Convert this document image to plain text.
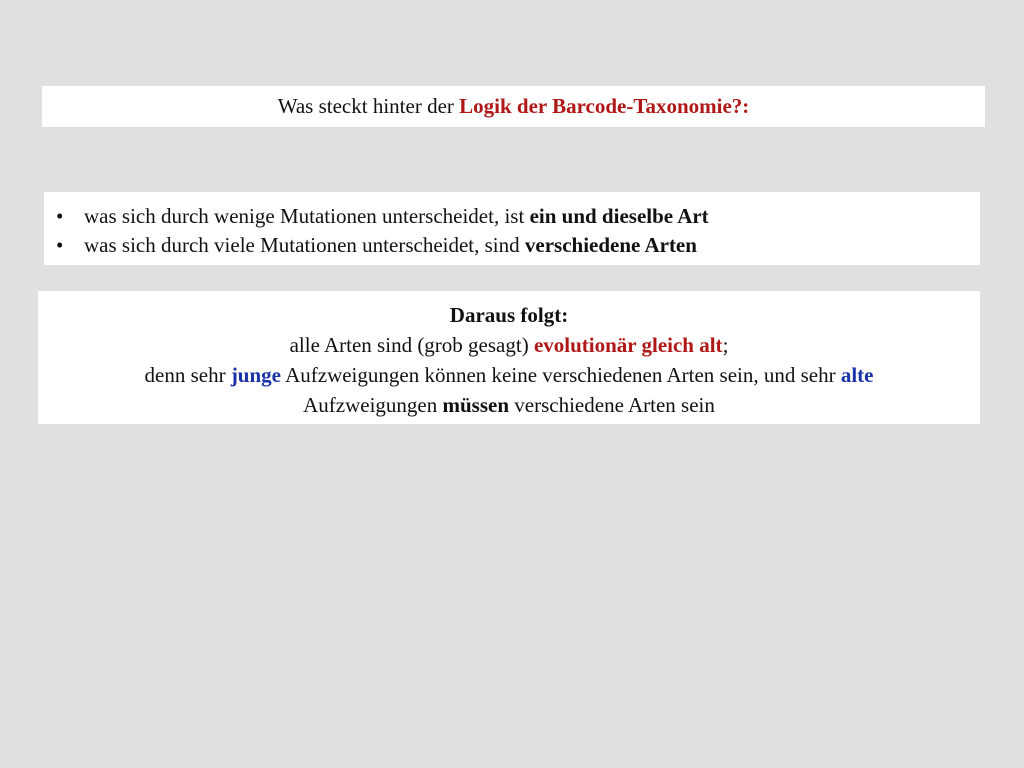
Was steckt hinter der Logik der Barcode-Taxonomie?:
• was sich durch wenige Mutationen unterscheidet, ist ein und dieselbe Art
• was sich durch viele Mutationen unterscheidet, sind verschiedene Arten
Daraus folgt:
alle Arten sind (grob gesagt) evolutionär gleich alt;
denn sehr junge Aufzweigungen können keine verschiedenen Arten sein, und sehr alte
Aufzweigungen müssen verschiedene Arten sein
